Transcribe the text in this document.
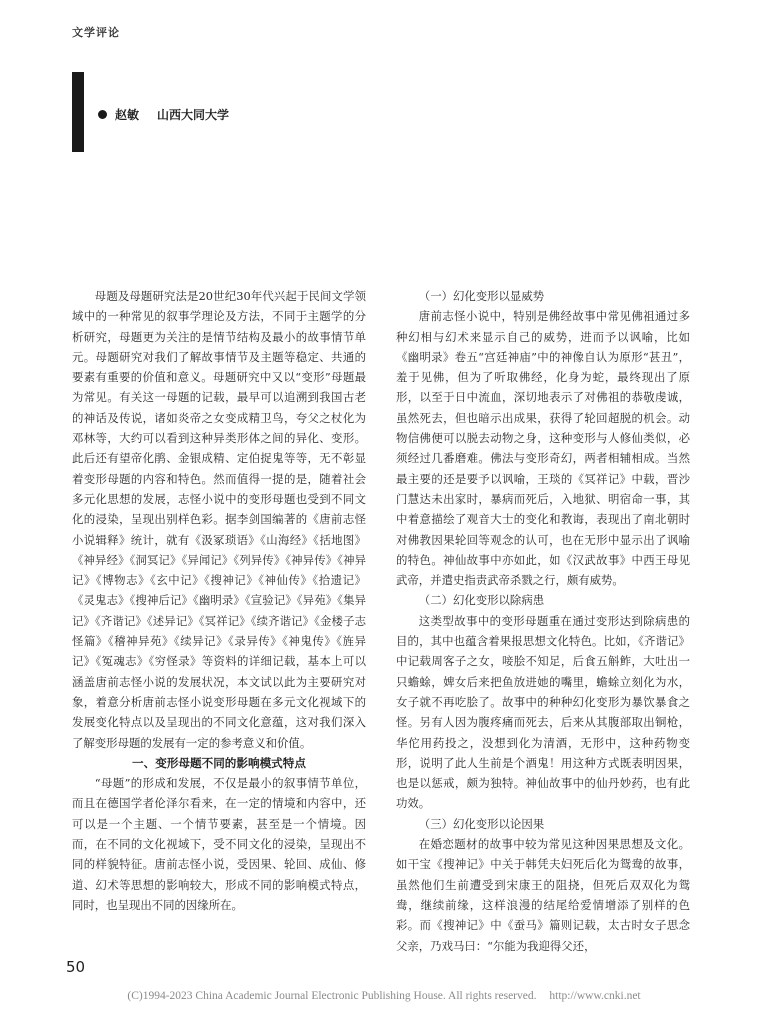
文学评论
赵敏 山西大同大学

母题及母题研究法是20世纪30年代兴起于民间文学领域中的一种常见的叙事学理论及方法，不同于主题学的分析研究，母题更为关注的是情节结构及最小的故事情节单元。母题研究对我们了解故事情节及主题等稳定、共通的要素有重要的价值和意义。母题研究中又以“变形”母题最为常见。有关这一母题的记载，最早可以追溯到我国古老的神话及传说，诸如炎帝之女变成精卫鸟，夸父之杖化为邓林等，大约可以看到这种异类形体之间的异化、变形。此后还有望帝化鹃、金银成精、定伯捉鬼等等，无不彰显着变形母题的内容和特色。然而值得一提的是，随着社会多元化思想的发展，志怪小说中的变形母题也受到不同文化的浸染，呈现出别样色彩。据李剑国编著的《唐前志怪小说辑释》统计，就有《汲冢琐语》《山海经》《括地图》《神异经》《洞冥记》《异闻记》《列异传》《神异传》《神异记》《博物志》《玄中记》《搜神记》《神仙传》《拾遗记》《灵鬼志》《搜神后记》《幽明录》《宣验记》《异苑》《集异记》《齐谐记》《述异记》《冥祥记》《续齐谐记》《金楼子志怪篇》《稽神异苑》《续异记》《录异传》《神鬼传》《旌异记》《冤魂志》《穷怪录》等资料的详细记载，基本上可以涵盖唐前志怪小说的发展状况，本文试以此为主要研究对象，着意分析唐前志怪小说变形母题在多元文化视域下的发展变化特点以及呈现出的不同文化意蕴，这对我们深入了解变形母题的发展有一定的参考意义和价值。

一、变形母题不同的影响模式特点

“母题”的形成和发展，不仅是最小的叙事情节单位，而且在德国学者伦泽尔看来，在一定的情境和内容中，还可以是一个主题、一个情节要素，甚至是一个情境。因而，在不同的文化视域下，受不同文化的浸染，呈现出不同的样貌特征。唐前志怪小说，受因果、轮回、成仙、修道、幻术等思想的影响较大，形成不同的影响模式特点，同时，也呈现出不同的因缘所在。

（一）幻化变形以显威势

唐前志怪小说中，特别是佛经故事中常见佛祖通过多种幻相与幻术来显示自己的威势，进而予以讽喻，比如《幽明录》卷五“宫廷神庙”中的神像自认为原形“甚丑”，羞于见佛，但为了听取佛经，化身为蛇，最终现出了原形，以至于日中流血，深切地表示了对佛祖的恭敬虔诚，虽然死去，但也暗示出成果，获得了轮回超脱的机会。动物信佛便可以脱去动物之身，这种变形与人修仙类似，必须经过几番磨难。佛法与变形奇幻，两者相辅相成。当然最主要的还是要予以讽喻，王琰的《冥祥记》中载，晋沙门慧达未出家时，暴病而死后，入地狱、明宿命一事，其中着意描绘了观音大士的变化和教诲，表现出了南北朝时对佛教因果轮回等观念的认可，也在无形中显示出了讽喻的特色。神仙故事中亦如此，如《汉武故事》中西王母见武帝，并遣史指责武帝杀戮之行，颇有威势。

（二）幻化变形以除病患

这类型故事中的变形母题重在通过变形达到除病患的目的，其中也蕴含着果报思想文化特色。比如，《齐谐记》中记载周客子之女，唼脍不知足，后食五斛鲊，大吐出一只蟾蜍，婢女后来把鱼放进她的嘴里，蟾蜍立刻化为水，女子就不再吃脍了。故事中的种种幻化变形为暴饮暴食之怪。另有人因为腹疼痛而死去，后来从其腹部取出铜枪，华佗用药投之，没想到化为清酒，无形中，这种药物变形，说明了此人生前是个酒鬼！用这种方式既表明因果，也是以惩戒，颇为独特。神仙故事中的仙丹妙药，也有此功效。

（三）幻化变形以论因果

在婚恋题材的故事中较为常见这种因果思想及文化。如干宝《搜神记》中关于韩凭夫妇死后化为鸳鸯的故事，虽然他们生前遭受到宋康王的阻挠，但死后双双化为鸳鸯，继续前缘，这样浪漫的结尾给爱情增添了别样的色彩。而《搜神记》中《蚕马》篇则记载，太古时女子思念父亲，乃戏马曰：“尔能为我迎得父还，

50
(C)1994-2023 China Academic Journal Electronic Publishing House. All rights reserved. http://www.cnki.net
